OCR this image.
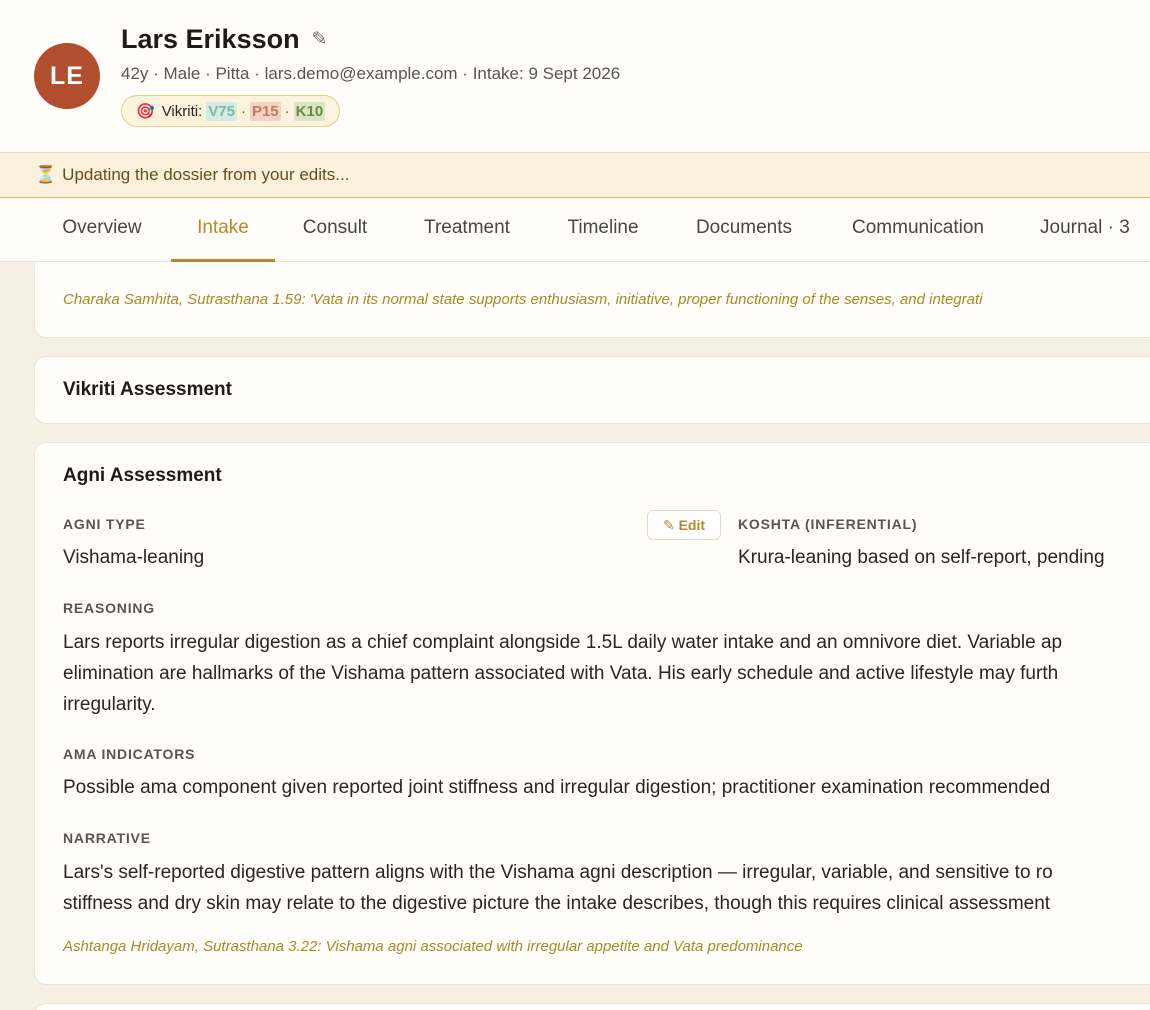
LE
Lars Eriksson ✎
42y · Male · Pitta · lars.demo@example.com · Intake: 9 Sept 2026
🎯 Vikriti: V75 · P15 · K10
⏳ Updating the dossier from your edits...
Overview	Intake	Consult	Treatment	Timeline	Documents	Communication	Journal · 3
Charaka Samhita, Sutrasthana 1.59: 'Vata in its normal state supports enthusiasm, initiative, proper functioning of the senses, and integrati
Vikriti Assessment
Agni Assessment
AGNI TYPE
Vishama-leaning
✎ Edit	KOSHTA (INFERENTIAL)
Krura-leaning based on self-report, pending
REASONING
Lars reports irregular digestion as a chief complaint alongside 1.5L daily water intake and an omnivore diet. Variable ap
elimination are hallmarks of the Vishama pattern associated with Vata. His early schedule and active lifestyle may furth
irregularity.
AMA INDICATORS
Possible ama component given reported joint stiffness and irregular digestion; practitioner examination recommended
NARRATIVE
Lars's self-reported digestive pattern aligns with the Vishama agni description — irregular, variable, and sensitive to ro
stiffness and dry skin may relate to the digestive picture the intake describes, though this requires clinical assessment
Ashtanga Hridayam, Sutrasthana 3.22: Vishama agni associated with irregular appetite and Vata predominance
